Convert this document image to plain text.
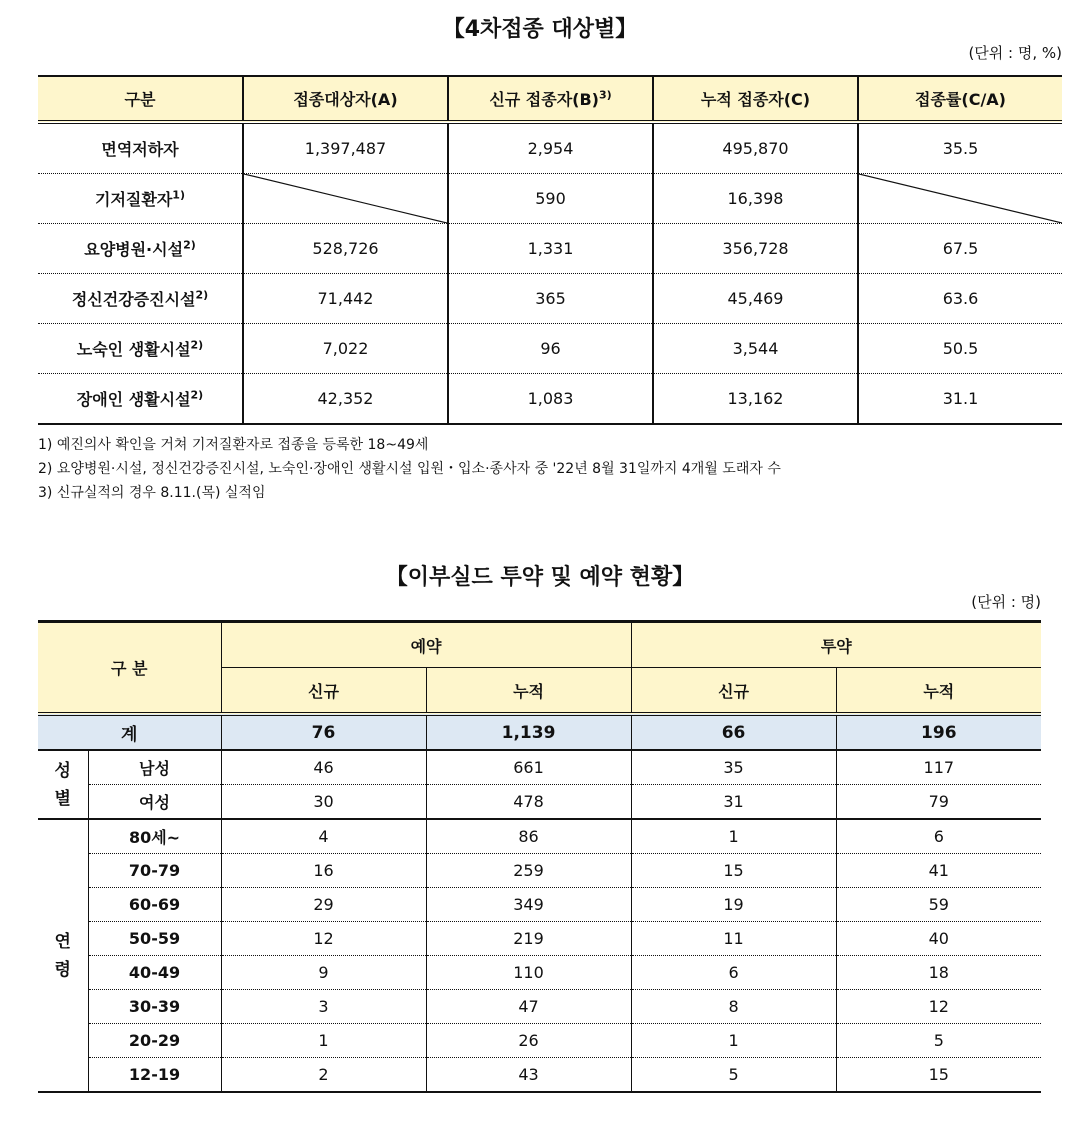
【4차접종 대상별】
(단위 : 명, %)
구분	접종대상자(A)	신규 접종자$(B)^{3)}$	누적 접종자(C)	접종률(C/A)
면역저하자	1,397,487	2,954	495,870	35.5
기저질환자$^{1)}$		590	16,398	

요양병원·시설$^{2)}$	528,726	1,331	356,728	67.5
정신건강증진시설$^{2)}$	71,442	365	45,469	63.6
노숙인 생활시설$^{2)}$	7,022	96	3,544	50.5
장애인 생활시설$^{2)}$	42,352	1,083	13,162	31.1
1) 예진의사 확인을 거쳐 기저질환자로 접종을 등록한 18~49세
2) 요양병원·시설, 정신건강증진시설, 노숙인·장애인 생활시설 입원・입소·종사자 중 '22년 8월 31일까지 4개월 도래자 수
3) 신규실적의 경우 8.11.(목) 실적임
【이부실드 투약 및 예약 현황】
(단위 : 명)
구 분		예약		투약	
		신규	누적	신규	누적
계		76	1,139	66	196

성
별	남성	46	661	35	117
	여성	30	478	31	79

연
령	80세~	4	86	1	6
	70-79	16	259	15	41
	60-69	29	349	19	59
	50-59	12	219	11	40
	40-49	9	110	6	18
	30-39	3	47	8	12
	20-29	1	26	1	5
	12-19	2	43	5	15
